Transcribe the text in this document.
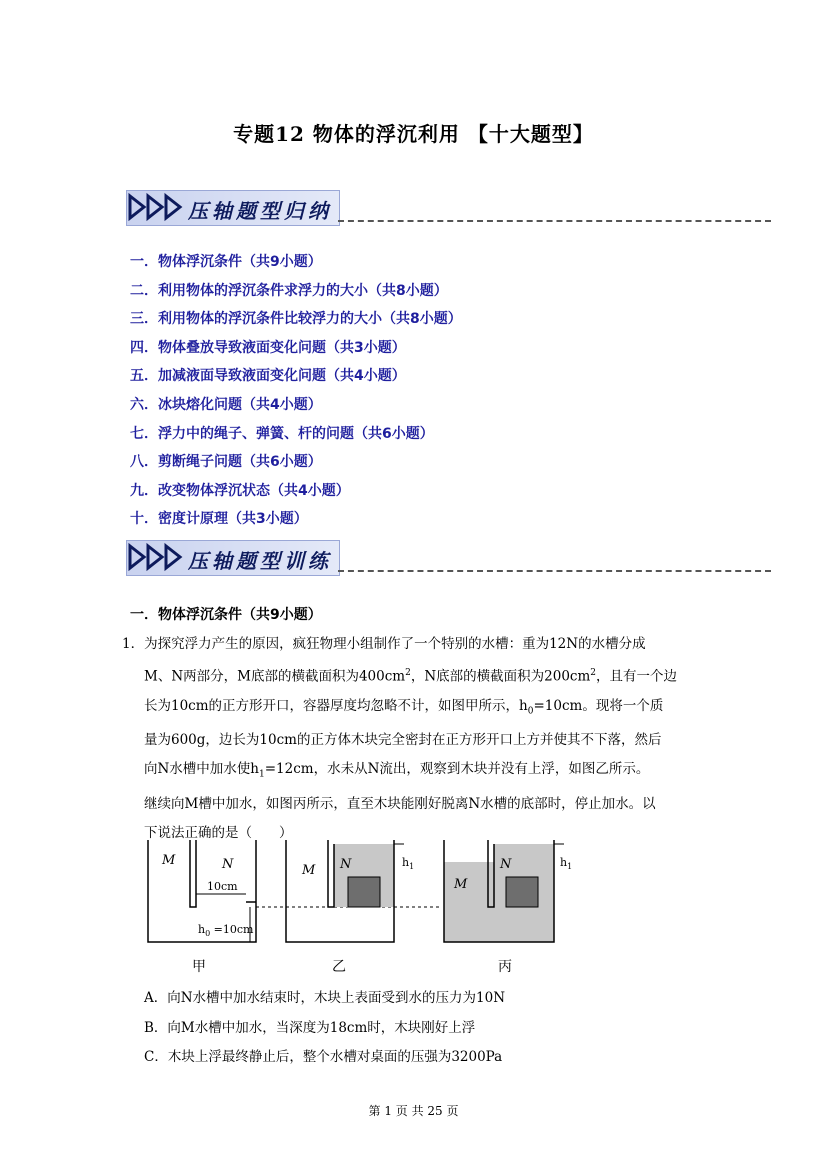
专题12 物体的浮沉利用 【十大题型】
压轴题型归纳
一．物体浮沉条件（共9小题）
二．利用物体的浮沉条件求浮力的大小（共8小题）
三．利用物体的浮沉条件比较浮力的大小（共8小题）
四．物体叠放导致液面变化问题（共3小题）
五．加减液面导致液面变化问题（共4小题）
六．冰块熔化问题（共4小题）
七．浮力中的绳子、弹簧、杆的问题（共6小题）
八．剪断绳子问题（共6小题）
九．改变物体浮沉状态（共4小题）
十．密度计原理（共3小题）
压轴题型训练
一．物体浮沉条件（共9小题）
1．为探究浮力产生的原因，疯狂物理小组制作了一个特别的水槽：重为12N的水槽分成
M、N两部分，M底部的横截面积为$400cm^2$，N底部的横截面积为$200cm^2$，且有一个边
长为10cm的正方形开口，容器厚度均忽略不计，如图甲所示，$h_0=10cm$。现将一个质
量为600g，边长为10cm的正方体木块完全密封在正方形开口上方并使其不下落，然后
向N水槽中加水使$h_1=12cm$，水未从N流出，观察到木块并没有上浮，如图乙所示。
继续向M槽中加水，如图丙所示，直至木块能刚好脱离N水槽的底部时，停止加水。以
下说法正确的是（　　）
M	N
10cm
$h_0 =10cm$
M N	$h_1$
M
N	$h_1$
甲	乙	丙
A．向N水槽中加水结束时，木块上表面受到水的压力为10N
B．向M水槽中加水，当深度为18cm时，木块刚好上浮
C．木块上浮最终静止后，整个水槽对桌面的压强为3200Pa
第 1 页 共 25 页
